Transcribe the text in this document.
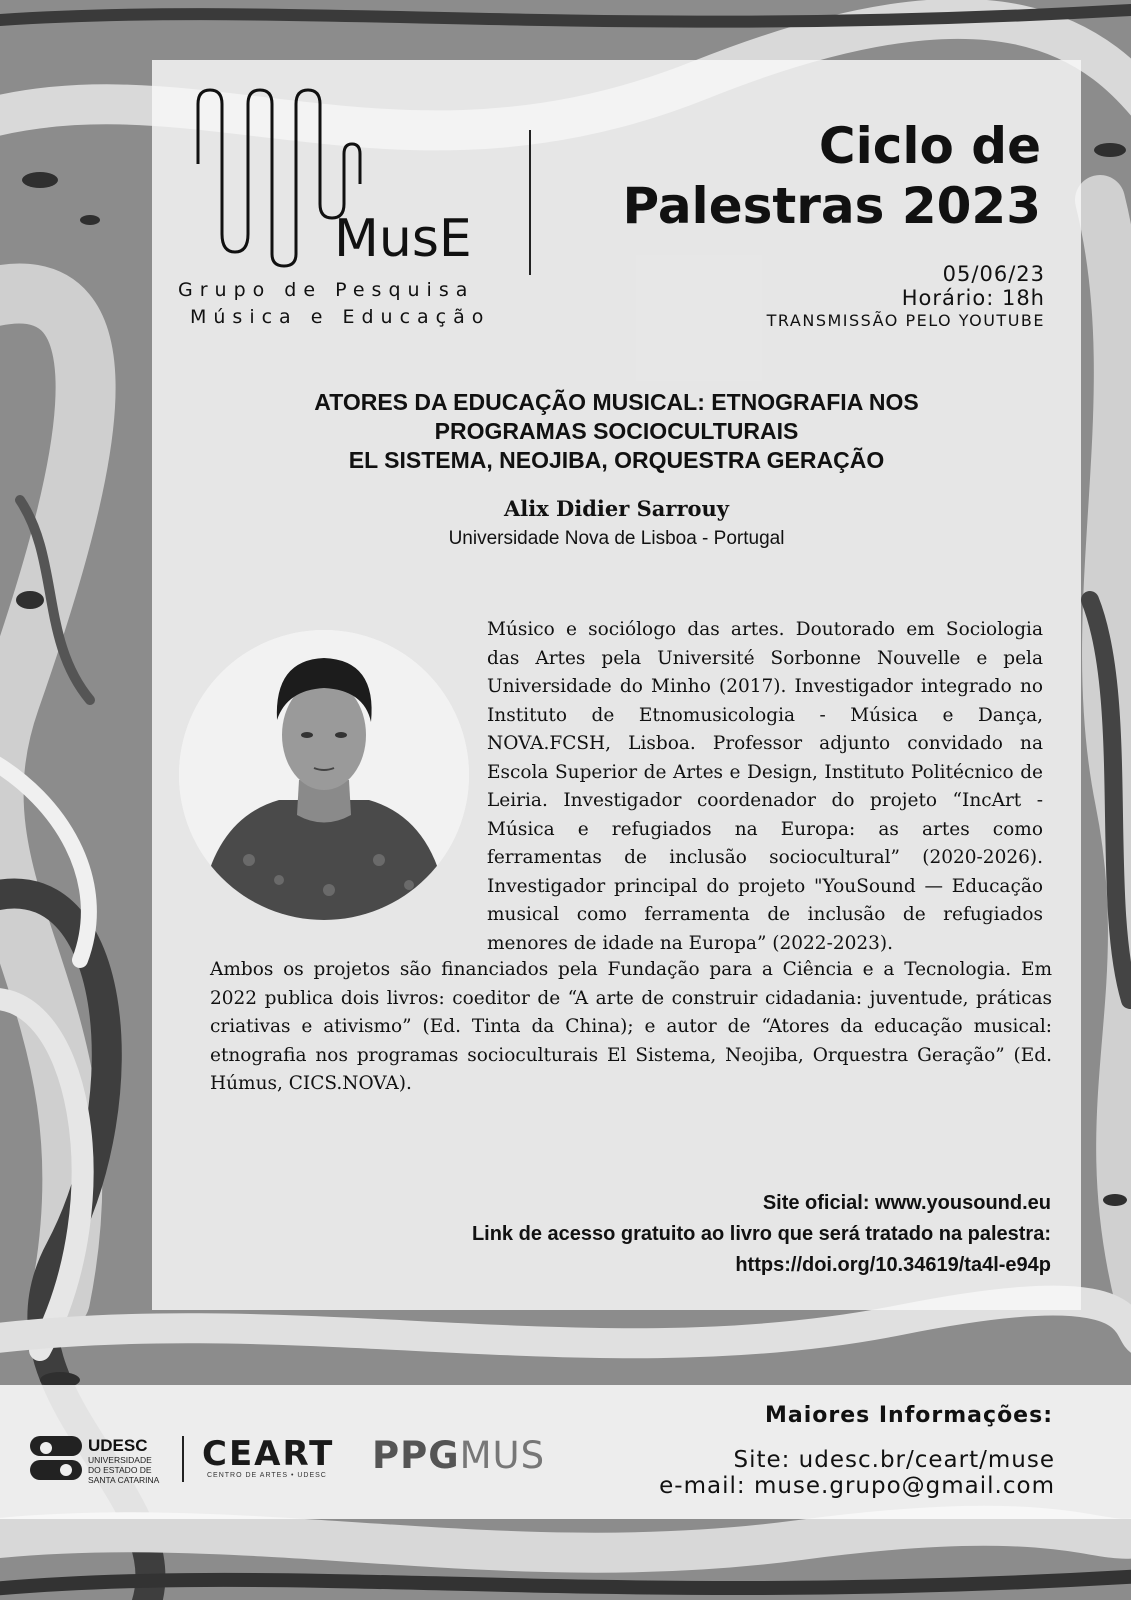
MusE
Grupo de Pesquisa
Música e Educação
Ciclo de
Palestras 2023
05/06/23
Horário: 18h
TRANSMISSÃO PELO YOUTUBE
ATORES DA EDUCAÇÃO MUSICAL: ETNOGRAFIA NOS
PROGRAMAS SOCIOCULTURAIS
EL SISTEMA, NEOJIBA, ORQUESTRA GERAÇÃO
Alix Didier Sarrouy
Universidade Nova de Lisboa - Portugal

Músico e sociólogo das artes. Doutorado em Sociologia das Artes pela Université Sorbonne Nouvelle e pela Universidade do Minho (2017). Investigador integrado no Instituto de Etnomusicologia - Música e Dança, NOVA.FCSH, Lisboa. Professor adjunto convidado na Escola Superior de Artes e Design, Instituto Politécnico de Leiria. Investigador coordenador do projeto “IncArt - Música e refugiados na Europa: as artes como ferramentas de inclusão sociocultural” (2020-2026). Investigador principal do projeto "YouSound — Educação musical como ferramenta de inclusão de refugiados menores de idade na Europa” (2022-2023).

Ambos os projetos são financiados pela Fundação para a Ciência e a Tecnologia. Em 2022 publica dois livros: coeditor de “A arte de construir cidadania: juventude, práticas criativas e ativismo” (Ed. Tinta da China); e autor de “Atores da educação musical: etnografia nos programas socioculturais El Sistema, Neojiba, Orquestra Geração” (Ed. Húmus, CICS.NOVA).

Site oficial: www.yousound.eu
Link de acesso gratuito ao livro que será tratado na palestra:
https://doi.org/10.34619/ta4l-e94p
UDESC
UNIVERSIDADE
DO ESTADO DE
SANTA CATARINA
CEART
CENTRO DE ARTES • UDESC PPGMUS
Maiores Informações:
Site: udesc.br/ceart/muse
e-mail: muse.grupo@gmail.com
